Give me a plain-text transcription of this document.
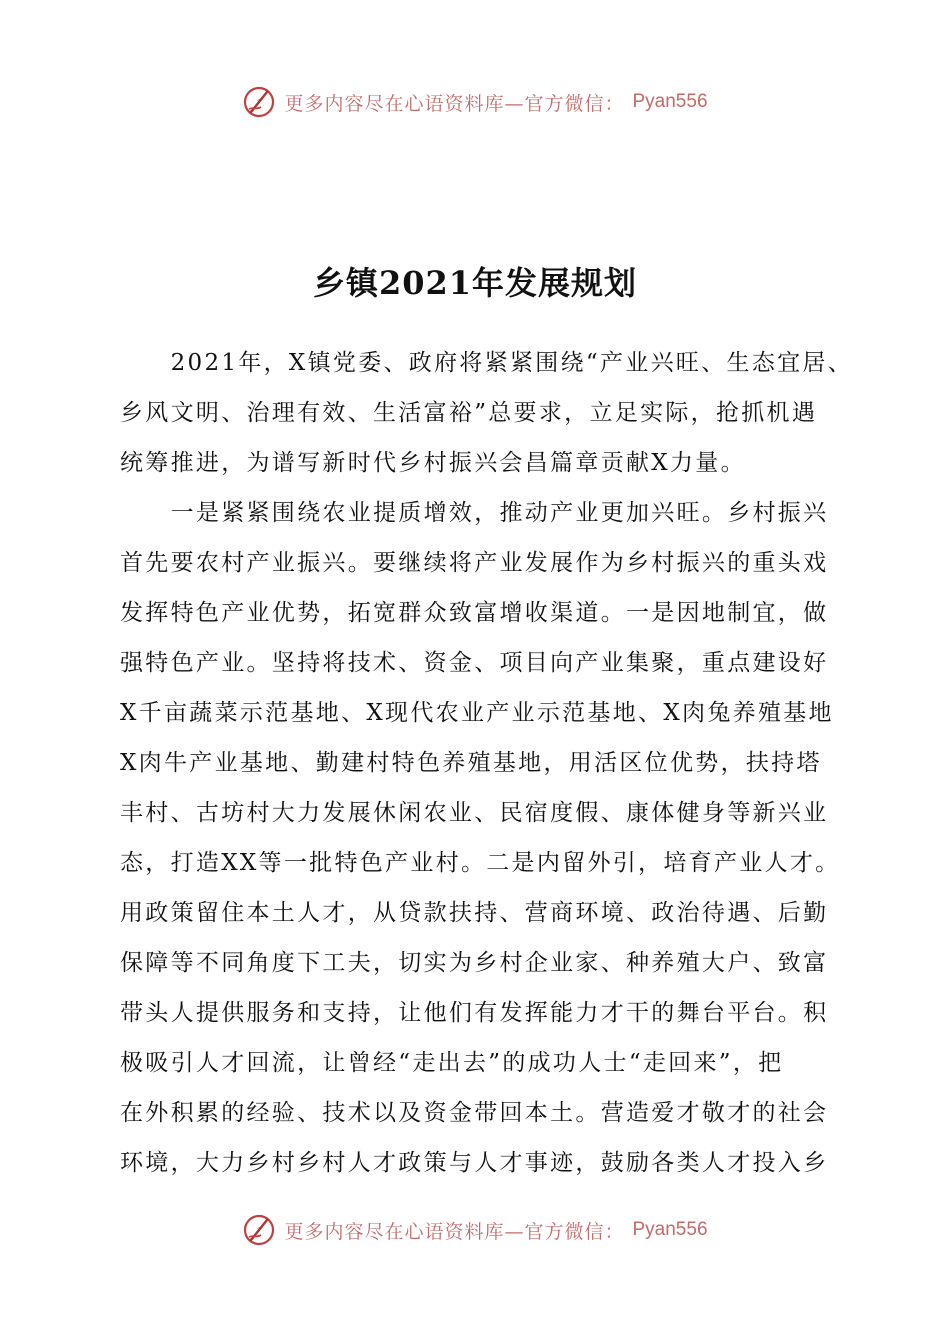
更多内容尽在心语资料库—官方微信： Pyan556
乡镇2021年发展规划
　　2021年，X镇党委、政府将紧紧围绕“产业兴旺、生态宜居、
乡风文明、治理有效、生活富裕”总要求，立足实际，抢抓机遇
统筹推进，为谱写新时代乡村振兴会昌篇章贡献X力量。
　　一是紧紧围绕农业提质增效，推动产业更加兴旺。乡村振兴
首先要农村产业振兴。要继续将产业发展作为乡村振兴的重头戏
发挥特色产业优势，拓宽群众致富增收渠道。一是因地制宜，做
强特色产业。坚持将技术、资金、项目向产业集聚，重点建设好
X千亩蔬菜示范基地、X现代农业产业示范基地、X肉兔养殖基地
X肉牛产业基地、勤建村特色养殖基地，用活区位优势，扶持塔
丰村、古坊村大力发展休闲农业、民宿度假、康体健身等新兴业
态，打造XX等一批特色产业村。二是内留外引，培育产业人才。
用政策留住本土人才，从贷款扶持、营商环境、政治待遇、后勤
保障等不同角度下工夫，切实为乡村企业家、种养殖大户、致富
带头人提供服务和支持，让他们有发挥能力才干的舞台平台。积
极吸引人才回流，让曾经“走出去”的成功人士“走回来”，把
在外积累的经验、技术以及资金带回本土。营造爱才敬才的社会
环境，大力乡村乡村人才政策与人才事迹，鼓励各类人才投入乡
更多内容尽在心语资料库—官方微信： Pyan556
